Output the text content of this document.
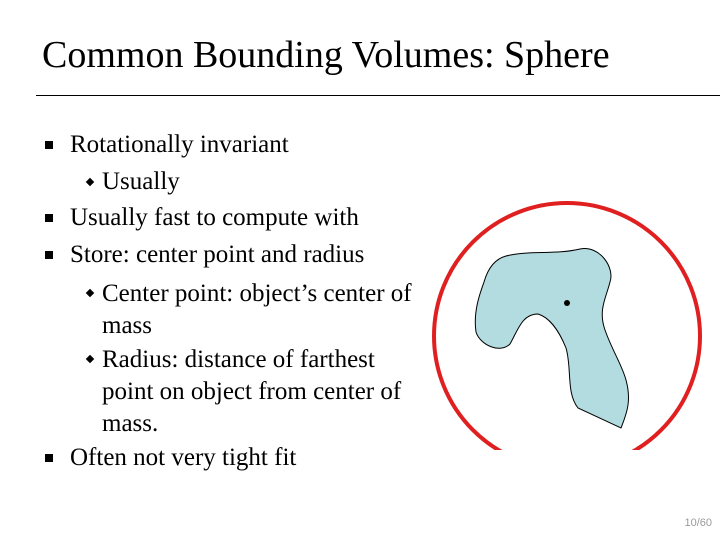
Common Bounding Volumes: Sphere
Rotationally invariant
Usually
Usually fast to compute with
Store: center point and radius
Center point: object’s center of
mass
Radius: distance of farthest
point on object from center of
mass.
Often not very tight fit
10/60
